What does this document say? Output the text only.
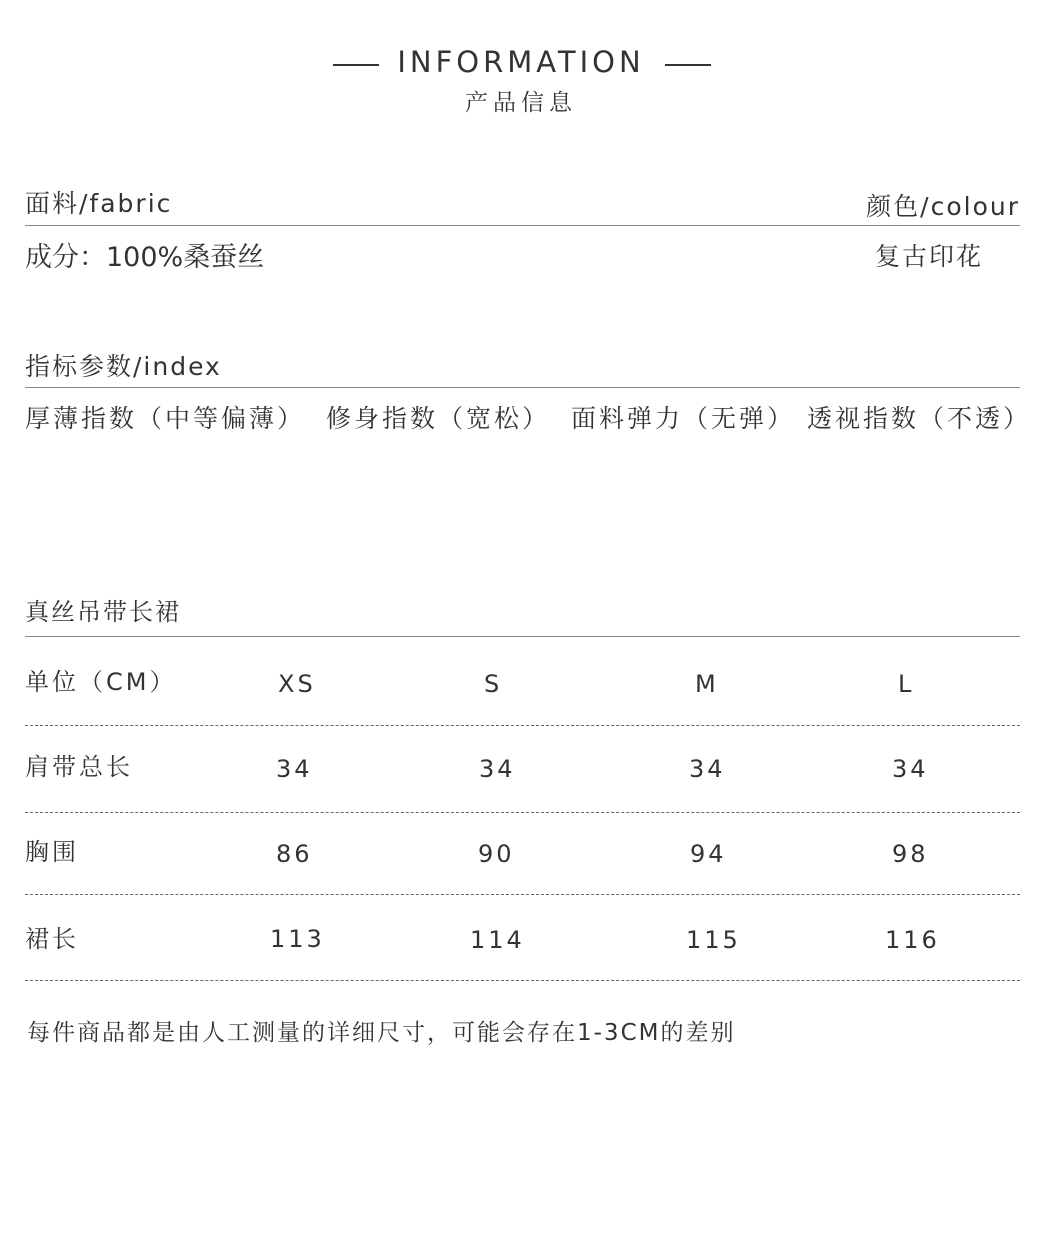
INFORMATION
产品信息
面料/fabric	颜色/colour
成分：100%桑蚕丝	复古印花
指标参数/index
厚薄指数（中等偏薄） 修身指数（宽松） 面料弹力（无弹） 透视指数（不透）
真丝吊带长裙
单位（CM）	XS	S	M	L
肩带总长	34	34	34	34
胸围	86	90	94	98
裙长	113	114	115	116
每件商品都是由人工测量的详细尺寸，可能会存在1-3CM的差别
